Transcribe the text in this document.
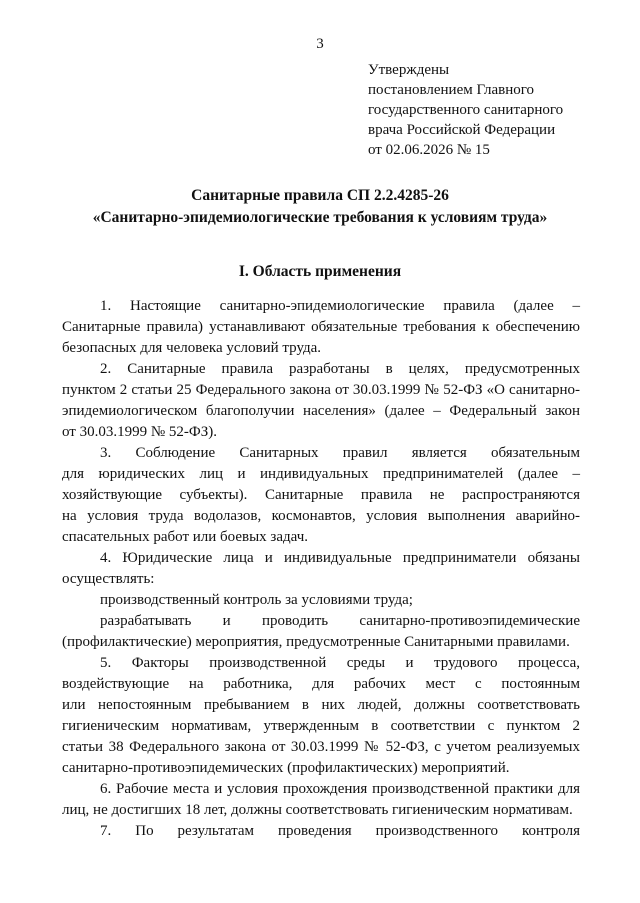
3
Утверждены
постановлением Главного
государственного санитарного
врача Российской Федерации
от 02.06.2026 № 15
Санитарные правила СП 2.2.4285-26
«Санитарно-эпидемиологические требования к условиям труда»
I. Область применения
1. Настоящие санитарно-эпидемиологические правила (далее –
Санитарные правила) устанавливают обязательные требования к обеспечению
безопасных для человека условий труда.
2. Санитарные правила разработаны в целях, предусмотренных
пунктом 2 статьи 25 Федерального закона от 30.03.1999 № 52-ФЗ «О санитарно-
эпидемиологическом благополучии населения» (далее – Федеральный закон
от 30.03.1999 № 52-ФЗ).
3. Соблюдение Санитарных правил является обязательным
для юридических лиц и индивидуальных предпринимателей (далее –
хозяйствующие субъекты). Санитарные правила не распространяются
на условия труда водолазов, космонавтов, условия выполнения аварийно-
спасательных работ или боевых задач.
4. Юридические лица и индивидуальные предприниматели обязаны
осуществлять:
производственный контроль за условиями труда;
разрабатывать и проводить санитарно-противоэпидемические
(профилактические) мероприятия, предусмотренные Санитарными правилами.
5. Факторы производственной среды и трудового процесса,
воздействующие на работника, для рабочих мест с постоянным
или непостоянным пребыванием в них людей, должны соответствовать
гигиеническим нормативам, утвержденным в соответствии с пунктом 2
статьи 38 Федерального закона от 30.03.1999 № 52-ФЗ, с учетом реализуемых
санитарно-противоэпидемических (профилактических) мероприятий.
6. Рабочие места и условия прохождения производственной практики для
лиц, не достигших 18 лет, должны соответствовать гигиеническим нормативам.
7. По результатам проведения производственного контроля
